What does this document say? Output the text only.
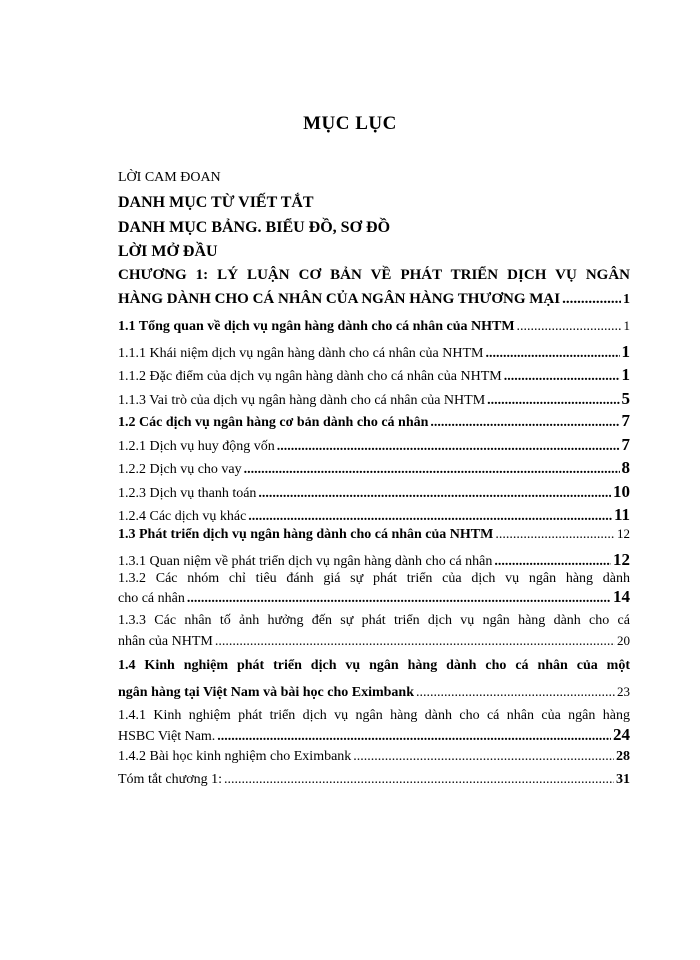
MỤC LỤC
LỜI CAM ĐOAN
DANH MỤC TỪ VIẾT TẮT
DANH MỤC BẢNG. BIỂU ĐỒ, SƠ ĐỒ
LỜI MỞ ĐẦU
CHƯƠNG 1: LÝ LUẬN CƠ BẢN VỀ PHÁT TRIỂN DỊCH VỤ NGÂN
HÀNG DÀNH CHO CÁ NHÂN CỦA NGÂN HÀNG THƯƠNG MẠI .....	1
1.1 Tổng quan về dịch vụ ngân hàng dành cho cá nhân của NHTM .....	1
1.1.1 Khái niệm dịch vụ ngân hàng dành cho cá nhân của NHTM .....	1
1.1.2 Đặc điểm của dịch vụ ngân hàng dành cho cá nhân của NHTM .....	1
1.1.3 Vai trò của dịch vụ ngân hàng dành cho cá nhân của NHTM .....	5
1.2 Các dịch vụ ngân hàng cơ bản dành cho cá nhân .....	7
1.2.1 Dịch vụ huy động vốn .....	7
1.2.2 Dịch vụ cho vay .....	8
1.2.3 Dịch vụ thanh toán .....	10
1.2.4 Các dịch vụ khác .....	11
1.3 Phát triển dịch vụ ngân hàng dành cho cá nhân của NHTM .....	12
1.3.1 Quan niệm về phát triển dịch vụ ngân hàng dành cho cá nhân .....	12
1.3.2 Các nhóm chỉ tiêu đánh giá sự phát triển của dịch vụ ngân hàng dành
cho cá nhân .....	14
1.3.3 Các nhân tố ảnh hưởng đến sự phát triển dịch vụ ngân hàng dành cho cá
nhân của NHTM .....	20
1.4 Kinh nghiệm phát triển dịch vụ ngân hàng dành cho cá nhân của một
ngân hàng tại Việt Nam và bài học cho Eximbank .....	23
1.4.1 Kinh nghiệm phát triển dịch vụ ngân hàng dành cho cá nhân của ngân hàng
HSBC Việt Nam. .....	24
1.4.2 Bài học kinh nghiệm cho Eximbank .....	28
Tóm tắt chương 1: .....	31
